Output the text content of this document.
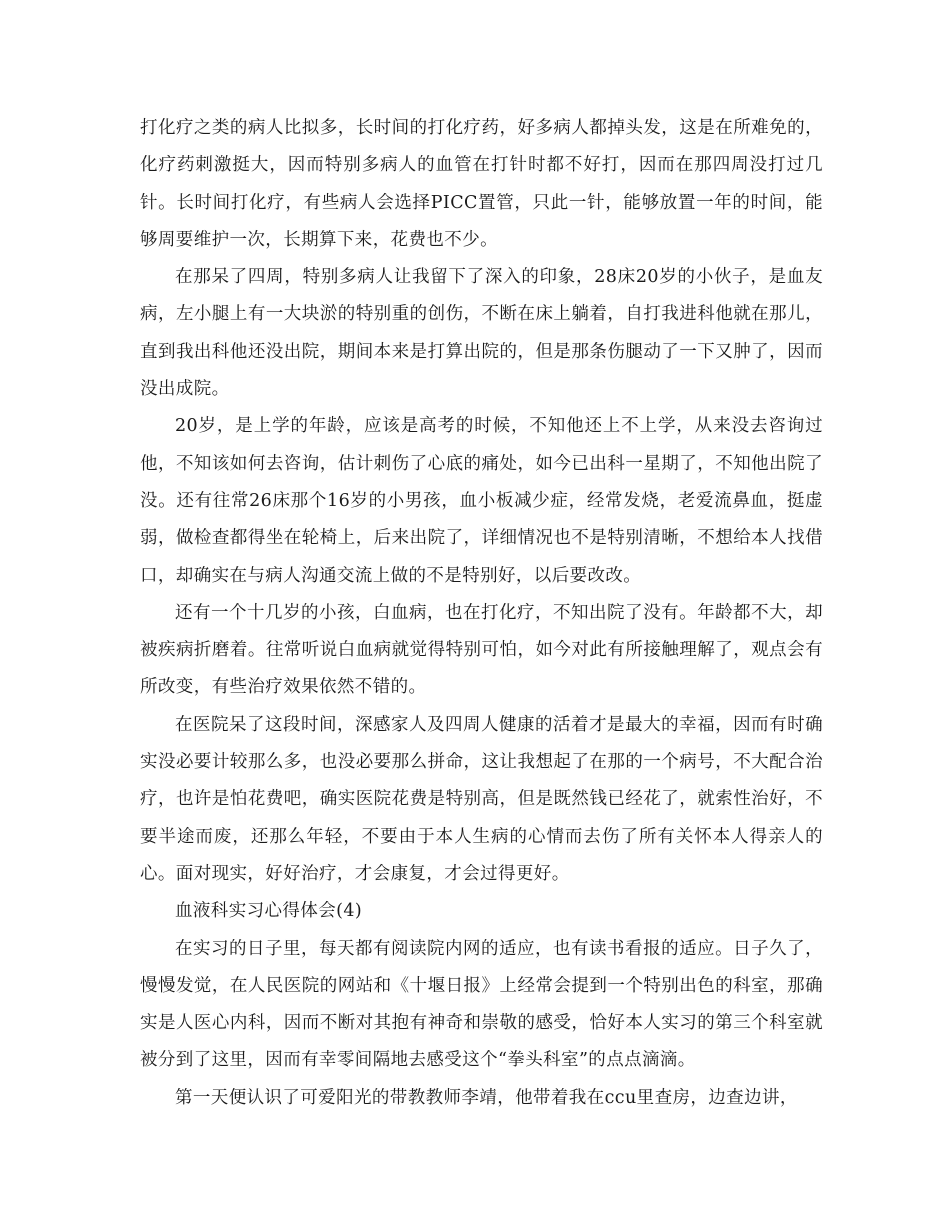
打化疗之类的病人比拟多，长时间的打化疗药，好多病人都掉头发，这是在所难免的，化疗药刺激挺大，因而特别多病人的血管在打针时都不好打，因而在那四周没打过几针。长时间打化疗，有些病人会选择PICC置管，只此一针，能够放置一年的时间，能够周要维护一次，长期算下来，花费也不少。

在那呆了四周，特别多病人让我留下了深入的印象，28床20岁的小伙子，是血友病，左小腿上有一大块淤的特别重的创伤，不断在床上躺着，自打我进科他就在那儿，直到我出科他还没出院，期间本来是打算出院的，但是那条伤腿动了一下又肿了，因而没出成院。

20岁，是上学的年龄，应该是高考的时候，不知他还上不上学，从来没去咨询过他，不知该如何去咨询，估计刺伤了心底的痛处，如今已出科一星期了，不知他出院了没。还有往常26床那个16岁的小男孩，血小板减少症，经常发烧，老爱流鼻血，挺虚弱，做检查都得坐在轮椅上，后来出院了，详细情况也不是特别清晰，不想给本人找借口，却确实在与病人沟通交流上做的不是特别好，以后要改改。

还有一个十几岁的小孩，白血病，也在打化疗，不知出院了没有。年龄都不大，却被疾病折磨着。往常听说白血病就觉得特别可怕，如今对此有所接触理解了，观点会有所改变，有些治疗效果依然不错的。

在医院呆了这段时间，深感家人及四周人健康的活着才是最大的幸福，因而有时确实没必要计较那么多，也没必要那么拼命，这让我想起了在那的一个病号，不大配合治疗，也许是怕花费吧，确实医院花费是特别高，但是既然钱已经花了，就索性治好，不要半途而废，还那么年轻，不要由于本人生病的心情而去伤了所有关怀本人得亲人的心。面对现实，好好治疗，才会康复，才会过得更好。

血液科实习心得体会(4)

在实习的日子里，每天都有阅读院内网的适应，也有读书看报的适应。日子久了，慢慢发觉，在人民医院的网站和《十堰日报》上经常会提到一个特别出色的科室，那确实是人医心内科，因而不断对其抱有神奇和崇敬的感受，恰好本人实习的第三个科室就被分到了这里，因而有幸零间隔地去感受这个“拳头科室”的点点滴滴。

第一天便认识了可爱阳光的带教教师李靖，他带着我在ccu里查房，边查边讲，
